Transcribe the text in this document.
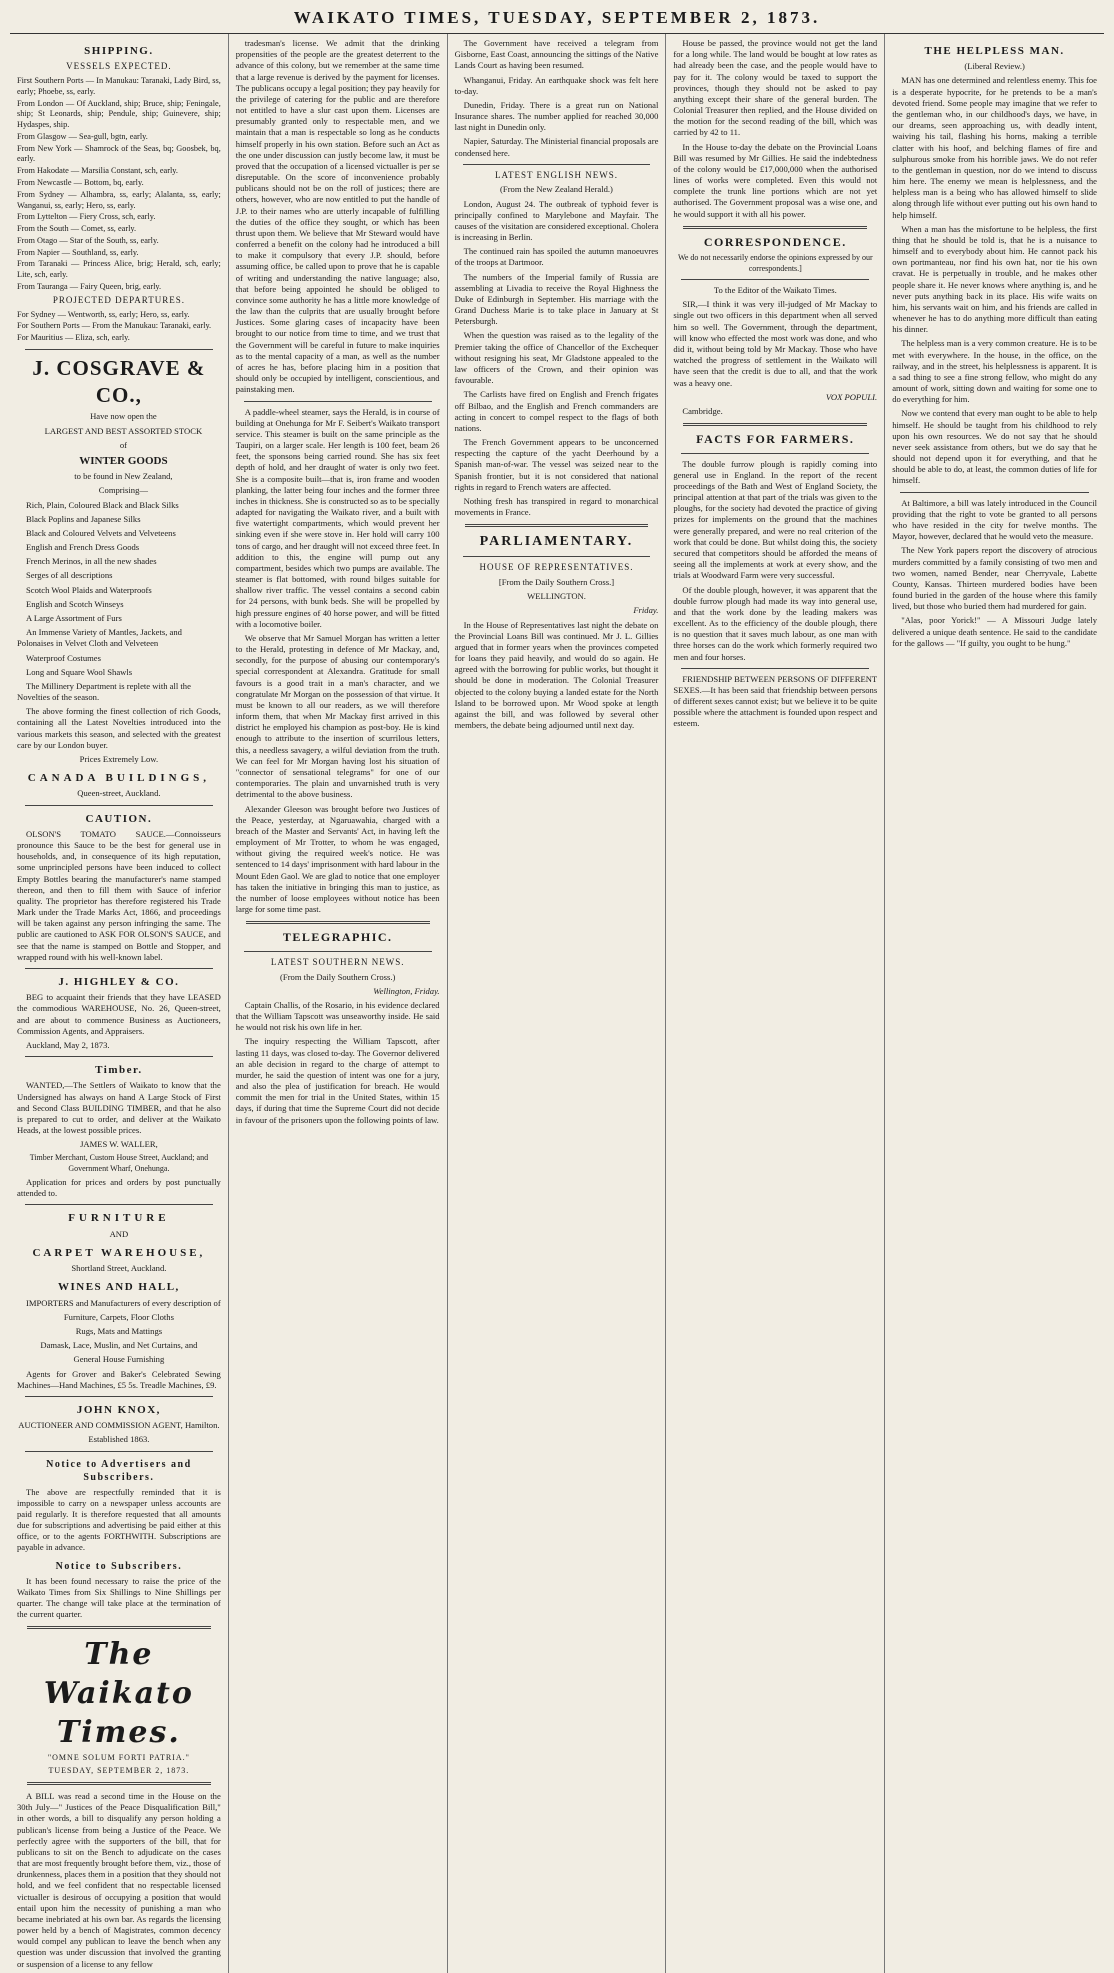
WAIKATO TIMES, TUESDAY, SEPTEMBER 2, 1873.
SHIPPING.
VESSELS EXPECTED.

First Southern Ports — In Manukau: Taranaki, Lady Bird, ss, early; Phoebe, ss, early.

From London — Of Auckland, ship; Bruce, ship; Feningale, ship; St Leonards, ship; Pendule, ship; Guinevere, ship; Hydaspes, ship.

From Glasgow — Sea-gull, bgtn, early.

From New York — Shamrock of the Seas, bq; Goosbek, bq, early.

From Hakodate — Marsilia Constant, sch, early.

From Newcastle — Bottom, bq, early.

From Sydney — Alhambra, ss, early; Alalanta, ss, early; Wanganui, ss, early; Hero, ss, early.

From Lyttelton — Fiery Cross, sch, early.

From the South — Comet, ss, early.

From Otago — Star of the South, ss, early.

From Napier — Southland, ss, early.

From Taranaki — Princess Alice, brig; Herald, sch, early; Lite, sch, early.

From Tauranga — Fairy Queen, brig, early.

PROJECTED DEPARTURES.

For Sydney — Wentworth, ss, early; Hero, ss, early.

For Southern Ports — From the Manukau: Taranaki, early.

For Mauritius — Eliza, sch, early.

J. COSGRAVE & CO.,

Have now open the

LARGEST AND BEST ASSORTED STOCK

of

WINTER GOODS

to be found in New Zealand,

Comprising—

Rich, Plain, Coloured Black and Black Silks

Black Poplins and Japanese Silks

Black and Coloured Velvets and Velveteens

English and French Dress Goods

French Merinos, in all the new shades

Serges of all descriptions

Scotch Wool Plaids and Waterproofs

English and Scotch Winseys

A Large Assortment of Furs

An Immense Variety of Mantles, Jackets, and Polonaises in Velvet Cloth and Velveteen

Waterproof Costumes

Long and Square Wool Shawls

The Millinery Department is replete with all the Novelties of the season.

The above forming the finest collection of rich Goods, containing all the Latest Novelties introduced into the various markets this season, and selected with the greatest care by our London buyer.

Prices Extremely Low.

CANADA BUILDINGS,

Queen-street, Auckland.

CAUTION.

OLSON'S TOMATO SAUCE.—Connoisseurs pronounce this Sauce to be the best for general use in households, and, in consequence of its high reputation, some unprincipled persons have been induced to collect Empty Bottles bearing the manufacturer's name stamped thereon, and then to fill them with Sauce of inferior quality. The proprietor has therefore registered his Trade Mark under the Trade Marks Act, 1866, and proceedings will be taken against any person infringing the same. The public are cautioned to ASK FOR OLSON'S SAUCE, and see that the name is stamped on Bottle and Stopper, and wrapped round with his well-known label.

J. HIGHLEY & CO.

BEG to acquaint their friends that they have LEASED the commodious WAREHOUSE, No. 26, Queen-street, and are about to commence Business as Auctioneers, Commission Agents, and Appraisers.

Auckland, May 2, 1873.

Timber.

WANTED,—The Settlers of Waikato to know that the Undersigned has always on hand A Large Stock of First and Second Class BUILDING TIMBER, and that he also is prepared to cut to order, and deliver at the Waikato Heads, at the lowest possible prices.

JAMES W. WALLER,

Timber Merchant, Custom House Street, Auckland; and Government Wharf, Onehunga.

Application for prices and orders by post punctually attended to.

FURNITURE

AND

CARPET WAREHOUSE,

Shortland Street, Auckland.

WINES AND HALL,

IMPORTERS and Manufacturers of every description of

Furniture, Carpets, Floor Cloths

Rugs, Mats and Mattings

Damask, Lace, Muslin, and Net Curtains, and

General House Furnishing

Agents for Grover and Baker's Celebrated Sewing Machines—Hand Machines, £5 5s. Treadle Machines, £9.

JOHN KNOX,

AUCTIONEER AND COMMISSION AGENT, Hamilton.

Established 1863.

Notice to Advertisers and Subscribers.

The above are respectfully reminded that it is impossible to carry on a newspaper unless accounts are paid regularly. It is therefore requested that all amounts due for subscriptions and advertising be paid either at this office, or to the agents FORTHWITH. Subscriptions are payable in advance.

Notice to Subscribers.

It has been found necessary to raise the price of the Waikato Times from Six Shillings to Nine Shillings per quarter. The change will take place at the termination of the current quarter.

The Waikato Times.
"OMNE SOLUM FORTI PATRIA."
TUESDAY, SEPTEMBER 2, 1873.

A BILL was read a second time in the House on the 30th July—" Justices of the Peace Disqualification Bill," in other words, a bill to disqualify any person holding a publican's license from being a Justice of the Peace. We perfectly agree with the supporters of the bill, that for publicans to sit on the Bench to adjudicate on the cases that are most frequently brought before them, viz., those of drunkenness, places them in a position that they should not hold, and we feel confident that no respectable licensed victualler is desirous of occupying a position that would entail upon him the necessity of punishing a man who became inebriated at his own bar. As regards the licensing power held by a bench of Magistrates, common decency would compel any publican to leave the bench when any question was under discussion that involved the granting or suspension of a license to any fellow

tradesman's license. We admit that the drinking propensities of the people are the greatest deterrent to the advance of this colony, but we remember at the same time that a large revenue is derived by the payment for licenses. The publicans occupy a legal position; they pay heavily for the privilege of catering for the public and are therefore not entitled to have a slur cast upon them. Licenses are presumably granted only to respectable men, and we maintain that a man is respectable so long as he conducts himself properly in his own station. Before such an Act as the one under discussion can justly become law, it must be proved that the occupation of a licensed victualler is per se disreputable. On the score of inconvenience probably publicans should not be on the roll of justices; there are others, however, who are now entitled to put the handle of J.P. to their names who are utterly incapable of fulfilling the duties of the office they sought, or which has been thrust upon them. We believe that Mr Steward would have conferred a benefit on the colony had he introduced a bill to make it compulsory that every J.P. should, before assuming office, be called upon to prove that he is capable of writing and understanding the native language; also, that before being appointed he should be obliged to convince some authority he has a little more knowledge of the law than the culprits that are usually brought before Justices. Some glaring cases of incapacity have been brought to our notice from time to time, and we trust that the Government will be careful in future to make inquiries as to the mental capacity of a man, as well as the number of acres he has, before placing him in a position that should only be occupied by intelligent, conscientious, and painstaking men.

A paddle-wheel steamer, says the Herald, is in course of building at Onehunga for Mr F. Seibert's Waikato transport service. This steamer is built on the same principle as the Taupiri, on a larger scale. Her length is 100 feet, beam 26 feet, the sponsons being carried round. She has six feet depth of hold, and her draught of water is only two feet. She is a composite built—that is, iron frame and wooden planking, the latter being four inches and the former three inches in thickness. She is constructed so as to be specially adapted for navigating the Waikato river, and a built with five watertight compartments, which would prevent her sinking even if she were stove in. Her hold will carry 100 tons of cargo, and her draught will not exceed three feet. In addition to this, the engine will pump out any compartment, besides which two pumps are available. The steamer is flat bottomed, with round bilges suitable for shallow river traffic. The vessel contains a second cabin for 24 persons, with bunk beds. She will be propelled by high pressure engines of 40 horse power, and will be fitted with a locomotive boiler.

We observe that Mr Samuel Morgan has written a letter to the Herald, protesting in defence of Mr Mackay, and, secondly, for the purpose of abusing our contemporary's special correspondent at Alexandra. Gratitude for small favours is a good trait in a man's character, and we congratulate Mr Morgan on the possession of that virtue. It must be known to all our readers, as we will therefore inform them, that when Mr Mackay first arrived in this district he employed his champion as post-boy. He is kind enough to attribute to the insertion of scurrilous letters, this, a needless savagery, a wilful deviation from the truth. We can feel for Mr Morgan having lost his situation of "connector of sensational telegrams" for one of our contemporaries. The plain and unvarnished truth is very detrimental to the above business.

Alexander Gleeson was brought before two Justices of the Peace, yesterday, at Ngaruawahia, charged with a breach of the Master and Servants' Act, in having left the employment of Mr Trotter, to whom he was engaged, without giving the required week's notice. He was sentenced to 14 days' imprisonment with hard labour in the Mount Eden Gaol. We are glad to notice that one employer has taken the initiative in bringing this man to justice, as the number of loose employees without notice has been large for some time past.

TELEGRAPHIC.
LATEST SOUTHERN NEWS.

(From the Daily Southern Cross.)

Wellington, Friday.

Captain Challis, of the Rosario, in his evidence declared that the William Tapscott was unseaworthy inside. He said he would not risk his own life in her.

The inquiry respecting the William Tapscott, after lasting 11 days, was closed to-day. The Governor delivered an able decision in regard to the charge of attempt to murder, he said the question of intent was one for a jury, and also the plea of justification for breach. He would commit the men for trial in the United States, within 15 days, if during that time the Supreme Court did not decide in favour of the prisoners upon the following points of law.

The Government have received a telegram from Gisborne, East Coast, announcing the sittings of the Native Lands Court as having been resumed.

Whanganui, Friday. An earthquake shock was felt here to-day.

Dunedin, Friday. There is a great run on National Insurance shares. The number applied for reached 30,000 last night in Dunedin only.

Napier, Saturday. The Ministerial financial proposals are condensed here.

LATEST ENGLISH NEWS.

(From the New Zealand Herald.)

London, August 24. The outbreak of typhoid fever is principally confined to Marylebone and Mayfair. The causes of the visitation are considered exceptional. Cholera is increasing in Berlin.

The continued rain has spoiled the autumn manoeuvres of the troops at Dartmoor.

The numbers of the Imperial family of Russia are assembling at Livadia to receive the Royal Highness the Duke of Edinburgh in September. His marriage with the Grand Duchess Marie is to take place in January at St Petersburgh.

When the question was raised as to the legality of the Premier taking the office of Chancellor of the Exchequer without resigning his seat, Mr Gladstone appealed to the law officers of the Crown, and their opinion was favourable.

The Carlists have fired on English and French frigates off Bilbao, and the English and French commanders are acting in concert to compel respect to the flags of both nations.

The French Government appears to be unconcerned respecting the capture of the yacht Deerhound by a Spanish man-of-war. The vessel was seized near to the Spanish frontier, but it is not considered that national rights in regard to French waters are affected.

Nothing fresh has transpired in regard to monarchical movements in France.

PARLIAMENTARY.
HOUSE OF REPRESENTATIVES.

[From the Daily Southern Cross.]

WELLINGTON.

Friday.

In the House of Representatives last night the debate on the Provincial Loans Bill was continued. Mr J. L. Gillies argued that in former years when the provinces competed for loans they paid heavily, and would do so again. He agreed with the borrowing for public works, but thought it should be done in moderation. The Colonial Treasurer objected to the colony buying a landed estate for the North Island to be borrowed upon. Mr Wood spoke at length against the bill, and was followed by several other members, the debate being adjourned until next day.

House be passed, the province would not get the land for a long while. The land would be bought at low rates as had already been the case, and the people would have to pay for it. The colony would be taxed to support the provinces, though they should not be asked to pay anything except their share of the general burden. The Colonial Treasurer then replied, and the House divided on the motion for the second reading of the bill, which was carried by 42 to 11.

In the House to-day the debate on the Provincial Loans Bill was resumed by Mr Gillies. He said the indebtedness of the colony would be £17,000,000 when the authorised lines of works were completed. Even this would not complete the trunk line portions which are not yet authorised. The Government proposal was a wise one, and he would support it with all his power.

CORRESPONDENCE.

We do not necessarily endorse the opinions expressed by our correspondents.]

To the Editor of the Waikato Times.

SIR,—I think it was very ill-judged of Mr Mackay to single out two officers in this department when all served him so well. The Government, through the department, will know who effected the most work was done, and who did it, without being told by Mr Mackay. Those who have watched the progress of settlement in the Waikato will have seen that the credit is due to all, and that the work was a heavy one.

VOX POPULI.

Cambridge.

FACTS FOR FARMERS.

The double furrow plough is rapidly coming into general use in England. In the report of the recent proceedings of the Bath and West of England Society, the principal attention at that part of the trials was given to the ploughs, for the society had devoted the practice of giving prizes for implements on the ground that the machines were generally prepared, and were no real criterion of the work that could be done. But whilst doing this, the society secured that competitors should be afforded the means of seeing all the implements at work at every show, and the trials at Woodward Farm were very successful.

Of the double plough, however, it was apparent that the double furrow plough had made its way into general use, and that the work done by the leading makers was excellent. As to the efficiency of the double plough, there is no question that it saves much labour, as one man with three horses can do the work which formerly required two men and four horses.

FRIENDSHIP BETWEEN PERSONS OF DIFFERENT SEXES.—It has been said that friendship between persons of different sexes cannot exist; but we believe it to be quite possible where the attachment is founded upon respect and esteem.

THE HELPLESS MAN.

(Liberal Review.)

MAN has one determined and relentless enemy. This foe is a desperate hypocrite, for he pretends to be a man's devoted friend. Some people may imagine that we refer to the gentleman who, in our childhood's days, we have, in our dreams, seen approaching us, with deadly intent, waiving his tail, flashing his horns, making a terrible clatter with his hoof, and belching flames of fire and sulphurous smoke from his horrible jaws. We do not refer to the gentleman in question, nor do we intend to discuss him here. The enemy we mean is helplessness, and the helpless man is a being who has allowed himself to slide along through life without ever putting out his own hand to help himself.

When a man has the misfortune to be helpless, the first thing that he should be told is, that he is a nuisance to himself and to everybody about him. He cannot pack his own portmanteau, nor find his own hat, nor tie his own cravat. He is perpetually in trouble, and he makes other people share it. He never knows where anything is, and he never puts anything back in its place. His wife waits on him, his servants wait on him, and his friends are called in whenever he has to do anything more difficult than eating his dinner.

The helpless man is a very common creature. He is to be met with everywhere. In the house, in the office, on the railway, and in the street, his helplessness is apparent. It is a sad thing to see a fine strong fellow, who might do any amount of work, sitting down and waiting for some one to do everything for him.

Now we contend that every man ought to be able to help himself. He should be taught from his childhood to rely upon his own resources. We do not say that he should never seek assistance from others, but we do say that he should not depend upon it for everything, and that he should be able to do, at least, the common duties of life for himself.

At Baltimore, a bill was lately introduced in the Council providing that the right to vote be granted to all persons who have resided in the city for twelve months. The Mayor, however, declared that he would veto the measure.

The New York papers report the discovery of atrocious murders committed by a family consisting of two men and two women, named Bender, near Cherryvale, Labette County, Kansas. Thirteen murdered bodies have been found buried in the garden of the house where this family lived, but those who buried them had murdered for gain.

"Alas, poor Yorick!" — A Missouri Judge lately delivered a unique death sentence. He said to the candidate for the gallows — "If guilty, you ought to be hung."
